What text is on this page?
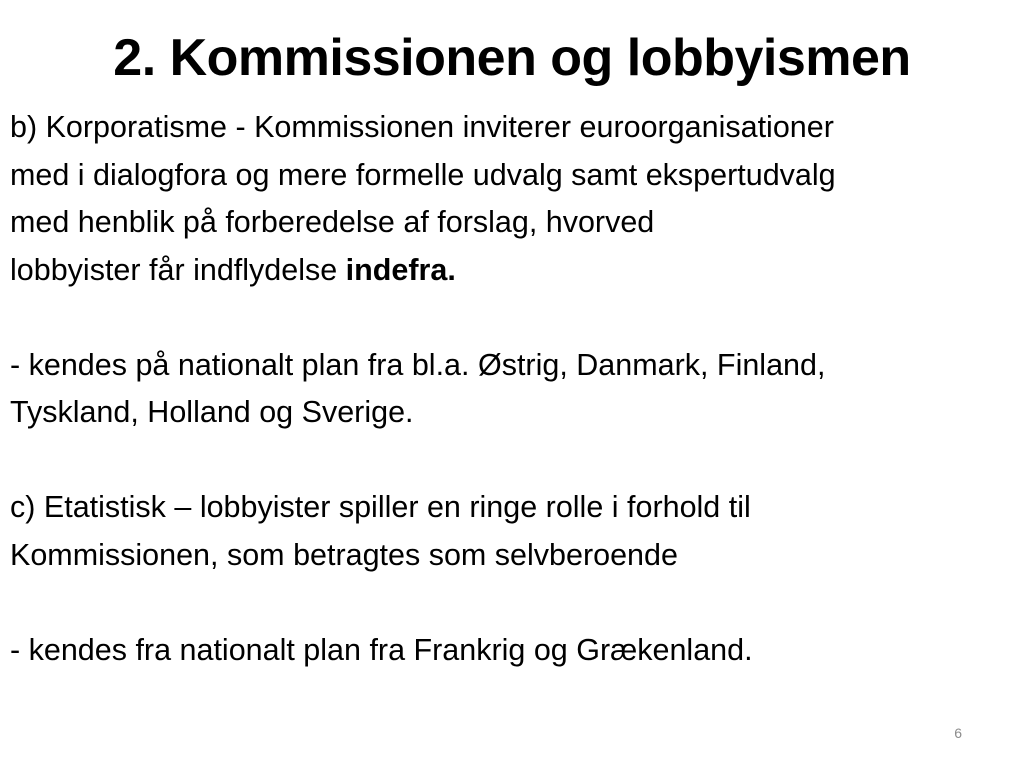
2. Kommissionen og lobbyismen

b) Korporatisme - Kommissionen inviterer euroorganisationer
med i dialogfora og mere formelle udvalg samt ekspertudvalg
med henblik på forberedelse af forslag, hvorved
lobbyister får indflydelse indefra.

- kendes på nationalt plan fra bl.a. Østrig, Danmark, Finland,
Tyskland, Holland og Sverige.

c) Etatistisk – lobbyister spiller en ringe rolle i forhold til
Kommissionen, som betragtes som selvberoende

- kendes fra nationalt plan fra Frankrig og Grækenland.

6
